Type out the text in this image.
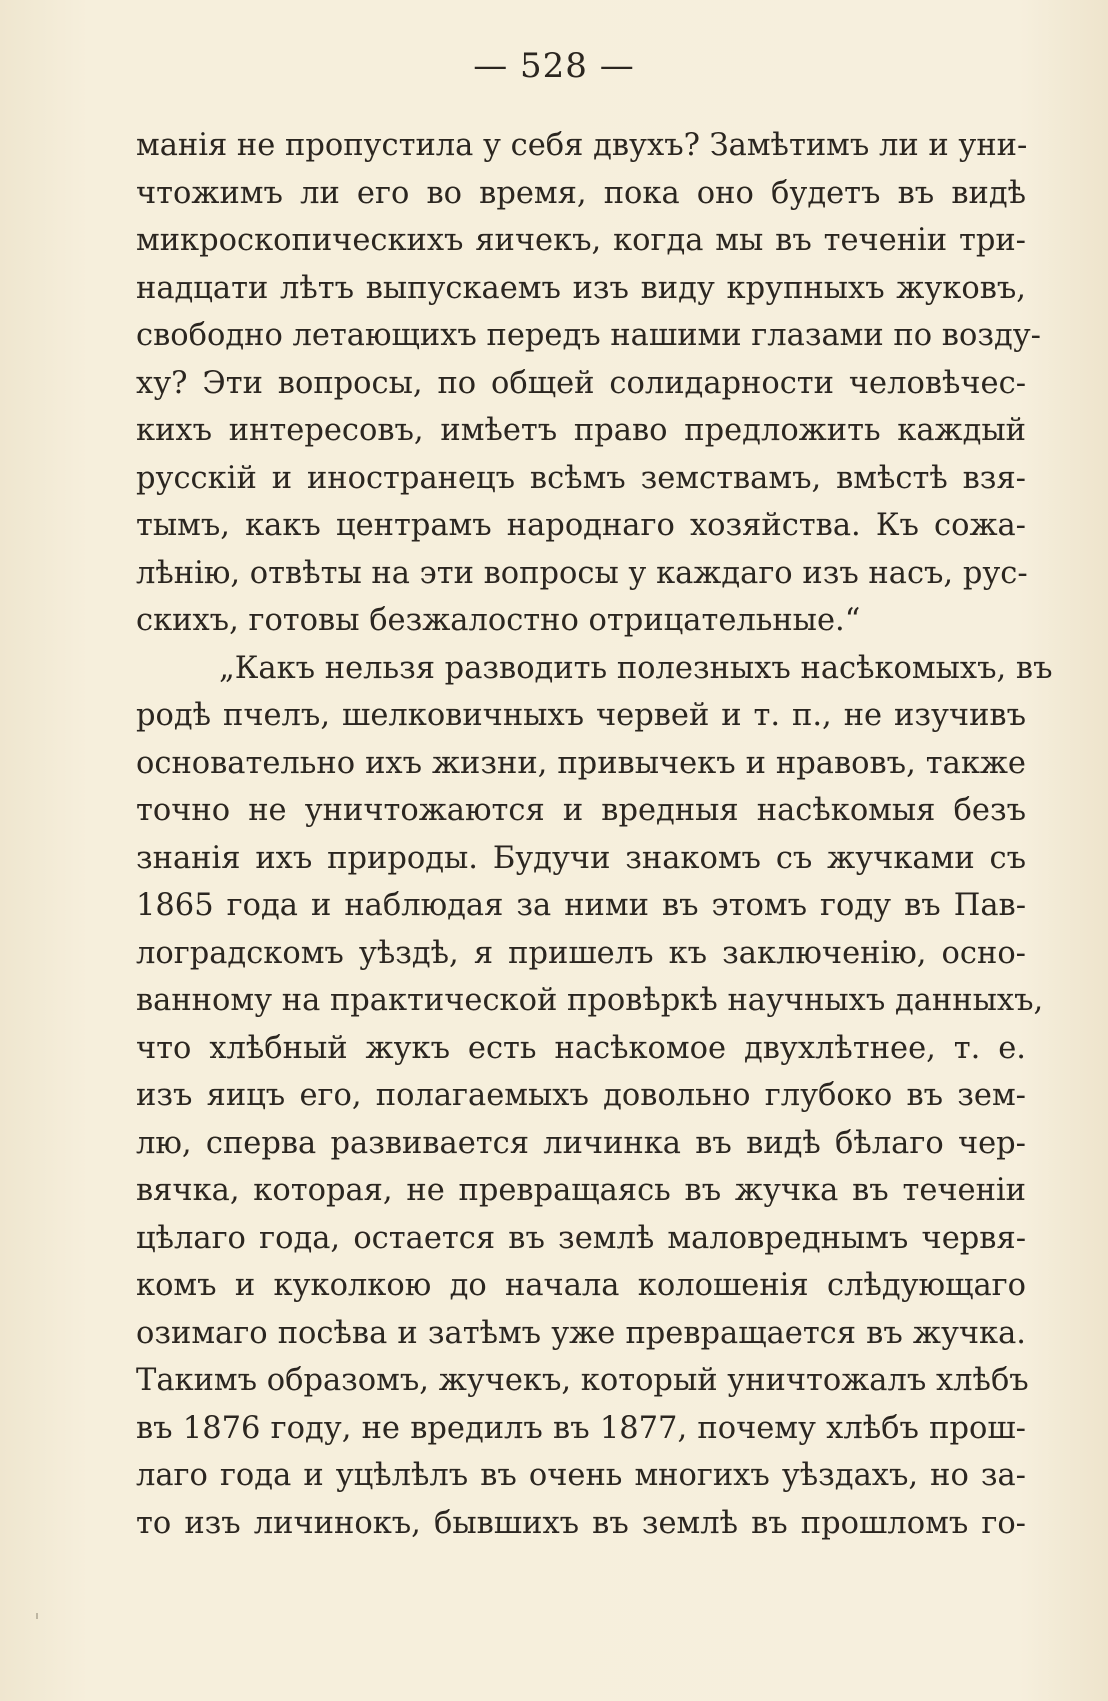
— 528 —
манія не пропустила у себя двухъ? Замѣтимъ ли и уни-
чтожимъ ли его во время, пока оно будетъ въ видѣ
микроскопическихъ яичекъ, когда мы въ теченіи три-
надцати лѣтъ выпускаемъ изъ виду крупныхъ жуковъ,
свободно летающихъ передъ нашими глазами по возду-
ху? Эти вопросы, по общей солидарности человѣчес-
кихъ интересовъ, имѣетъ право предложить каждый
русскій и иностранецъ всѣмъ земствамъ, вмѣстѣ взя-
тымъ, какъ центрамъ народнаго хозяйства. Къ сожа-
лѣнію, отвѣты на эти вопросы у каждаго изъ насъ, рус-
скихъ, готовы безжалостно отрицательные.“
„Какъ нельзя разводить полезныхъ насѣкомыхъ, въ
родѣ пчелъ, шелковичныхъ червей и т. п., не изучивъ
основательно ихъ жизни, привычекъ и нравовъ, также
точно не уничтожаются и вредныя насѣкомыя безъ
знанія ихъ природы. Будучи знакомъ съ жучками съ
1865 года и наблюдая за ними въ этомъ году въ Пав-
лоградскомъ уѣздѣ, я пришелъ къ заключенію, осно-
ванному на практической провѣркѣ научныхъ данныхъ,
что хлѣбный жукъ есть насѣкомое двухлѣтнее, т. е.
изъ яицъ его, полагаемыхъ довольно глубоко въ зем-
лю, сперва развивается личинка въ видѣ бѣлаго чер-
вячка, которая, не превращаясь въ жучка въ теченіи
цѣлаго года, остается въ землѣ маловреднымъ червя-
комъ и куколкою до начала колошенія слѣдующаго
озимаго посѣва и затѣмъ уже превращается въ жучка.
Такимъ образомъ, жучекъ, который уничтожалъ хлѣбъ
въ 1876 году, не вредилъ въ 1877, почему хлѣбъ прош-
лаго года и уцѣлѣлъ въ очень многихъ уѣздахъ, но за-
то изъ личинокъ, бывшихъ въ землѣ въ прошломъ го-
